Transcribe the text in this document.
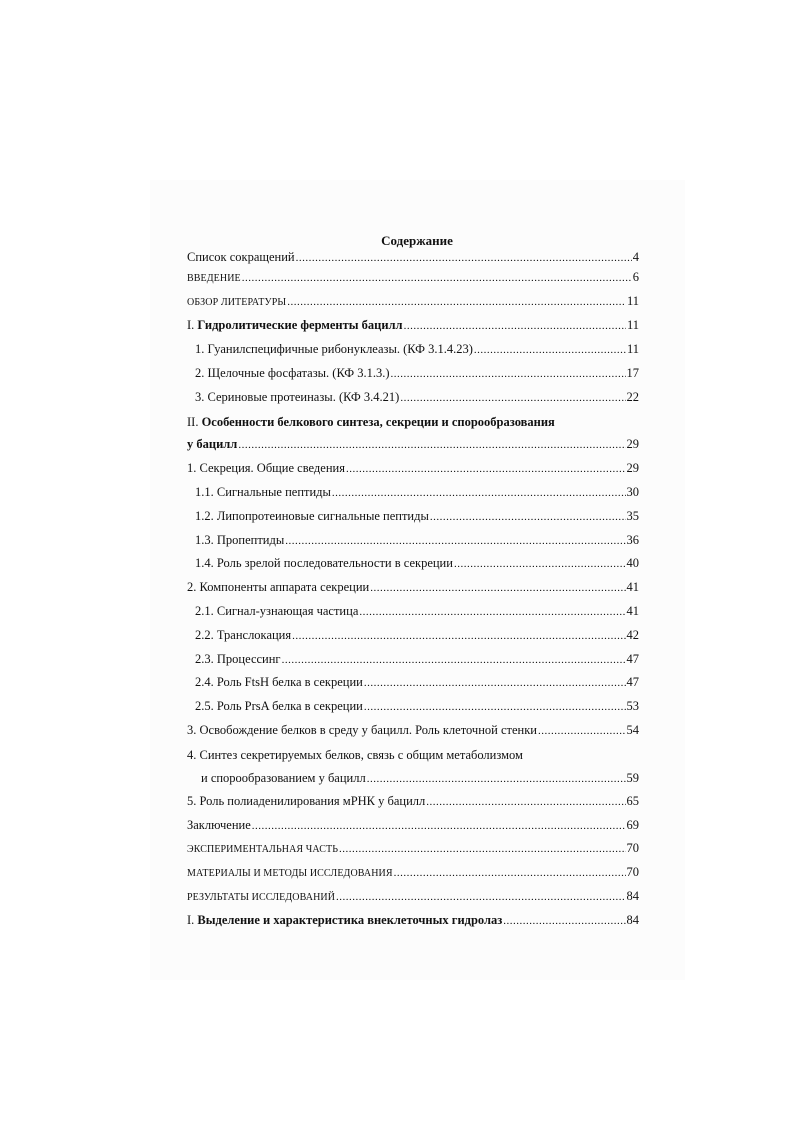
Содержание
Список сокращений .....	4
ВВЕДЕНИЕ .....	6
ОБЗОР ЛИТЕРАТУРЫ .....	11
I. Гидролитические ферменты бацилл .....	11
1. Гуанилспецифичные рибонуклеазы. (КФ 3.1.4.23) .....	11
2. Щелочные фосфатазы. (КФ 3.1.3.) .....	17
3. Сериновые протеиназы. (КФ 3.4.21) .....	22
II. Особенности белкового синтеза, секреции и спорообразования
у бацилл .....	29
1. Секреция. Общие сведения .....	29
1.1. Сигнальные пептиды .....	30
1.2. Липопротеиновые сигнальные пептиды .....	35
1.3. Пропептиды .....	36
1.4. Роль зрелой последовательности в секреции .....	40
2. Компоненты аппарата секреции .....	41
2.1. Сигнал-узнающая частица .....	41
2.2. Транслокация .....	42
2.3. Процессинг .....	47
2.4. Роль FtsH белка в секреции .....	47
2.5. Роль PrsA белка в секреции .....	53
3. Освобождение белков в среду у бацилл. Роль клеточной стенки .....	54
4. Синтез секретируемых белков, связь с общим метаболизмом
и спорообразованием у бацилл .....	59
5. Роль полиаденилирования мРНК у бацилл .....	65
Заключение .....	69
ЭКСПЕРИМЕНТАЛЬНАЯ ЧАСТЬ .....	70
МАТЕРИАЛЫ И МЕТОДЫ ИССЛЕДОВАНИЯ .....	70
РЕЗУЛЬТАТЫ ИССЛЕДОВАНИЙ .....	84
I. Выделение и характеристика внеклеточных гидролаз .....	84
